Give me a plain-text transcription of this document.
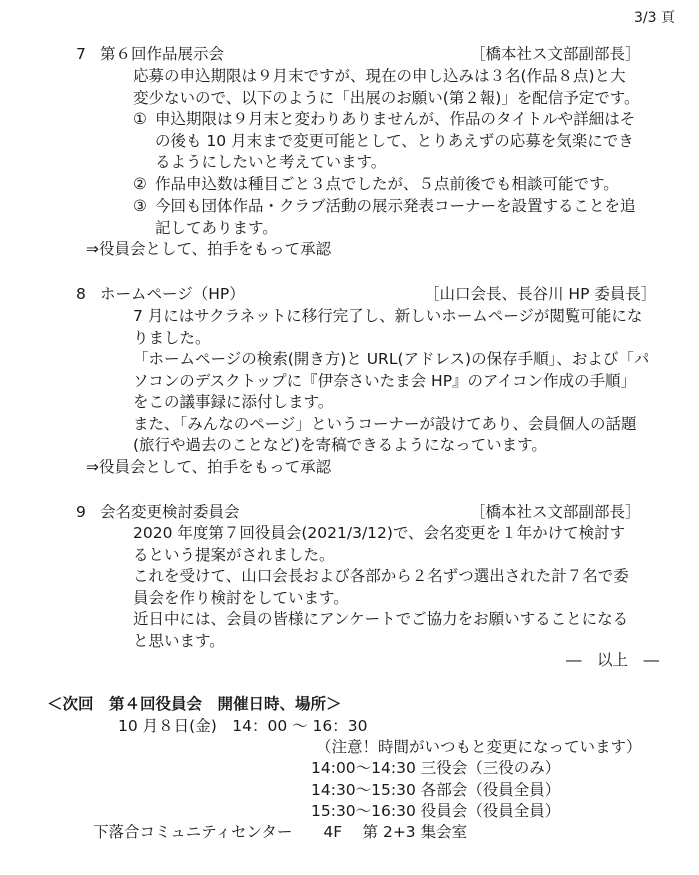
3/3 頁
7 第６回作品展示会	［橋本社ス文部副部長］
応募の申込期限は９月末ですが、現在の申し込みは３名(作品８点)と大
変少ないので、以下のように「出展のお願い(第２報)」を配信予定です。
① 申込期限は９月末と変わりありませんが、作品のタイトルや詳細はそ
の後も 10 月末まで変更可能として、とりあえずの応募を気楽にでき
るようにしたいと考えています。
② 作品申込数は種目ごと３点でしたが、５点前後でも相談可能です。
③ 今回も団体作品・クラブ活動の展示発表コーナーを設置することを追
記してあります。
⇒役員会として、拍手をもって承認
8 ホームページ（HP）	［山口会長、長谷川 HP 委員長］
7 月にはサクラネットに移行完了し、新しいホームページが閲覧可能にな
りました。
「ホームページの検索(開き方)と URL(アドレス)の保存手順」、および「パ
ソコンのデスクトップに『伊奈さいたま会 HP』のアイコン作成の手順」
をこの議事録に添付します。
また、「みんなのページ」というコーナーが設けてあり、会員個人の話題
(旅行や過去のことなど)を寄稿できるようになっています。
⇒役員会として、拍手をもって承認
9 会名変更検討委員会	［橋本社ス文部副部長］
2020 年度第７回役員会(2021/3/12)で、会名変更を１年かけて検討す
るという提案がされました。
これを受けて、山口会長および各部から２名ずつ選出された計７名で委
員会を作り検討をしています。
近日中には、会員の皆様にアンケートでご協力をお願いすることになる
と思います。
―　以上　―
＜次回　第４回役員会　開催日時、場所＞
10 月８日(金)　14：00 ～ 16：30
（注意！時間がいつもと変更になっています）
14:00～14:30 三役会（三役のみ）
14:30～15:30 各部会（役員全員）
15:30～16:30 役員会（役員全員）
下落合コミュニティセンター　　4F　 第 2+3 集会室
